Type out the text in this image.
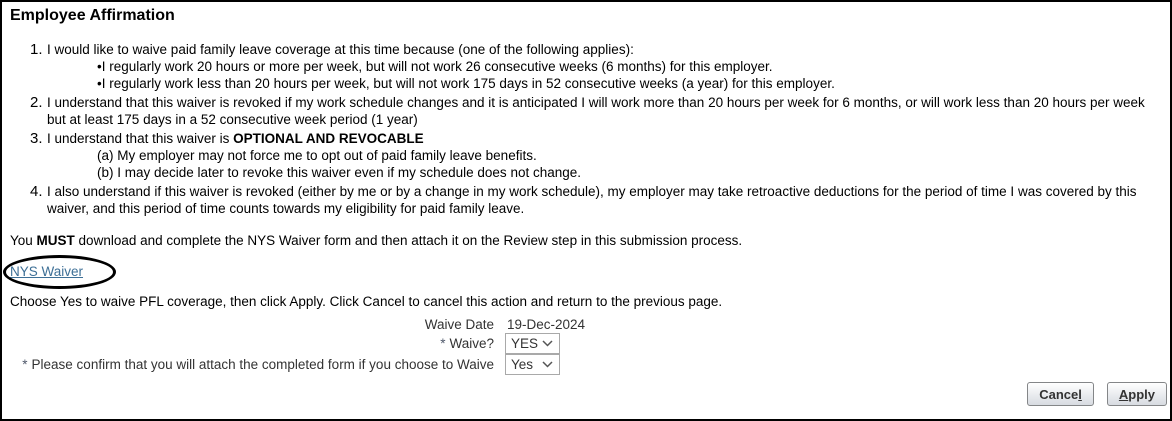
Employee Affirmation
1. I would like to waive paid family leave coverage at this time because (one of the following applies):
• I regularly work 20 hours or more per week, but will not work 26 consecutive weeks (6 months) for this employer.
• I regularly work less than 20 hours per week, but will not work 175 days in 52 consecutive weeks (a year) for this employer.
2. I understand that this waiver is revoked if my work schedule changes and it is anticipated I will work more than 20 hours per week for 6 months, or will work less than 20 hours per week but at least 175 days in a 52 consecutive week period (1 year)
3. I understand that this waiver is OPTIONAL AND REVOCABLE
(a) My employer may not force me to opt out of paid family leave benefits.
(b) I may decide later to revoke this waiver even if my schedule does not change.
4. I also understand if this waiver is revoked (either by me or by a change in my work schedule), my employer may take retroactive deductions for the period of time I was covered by this waiver, and this period of time counts towards my eligibility for paid family leave.
You MUST download and complete the NYS Waiver form and then attach it on the Review step in this submission process.
NYS Waiver
Choose Yes to waive PFL coverage, then click Apply. Click Cancel to cancel this action and return to the previous page.
Waive Date 19-Dec-2024
* Waive? YES
* Please confirm that you will attach the completed form if you choose to Waive Yes
Cance l	A pply
